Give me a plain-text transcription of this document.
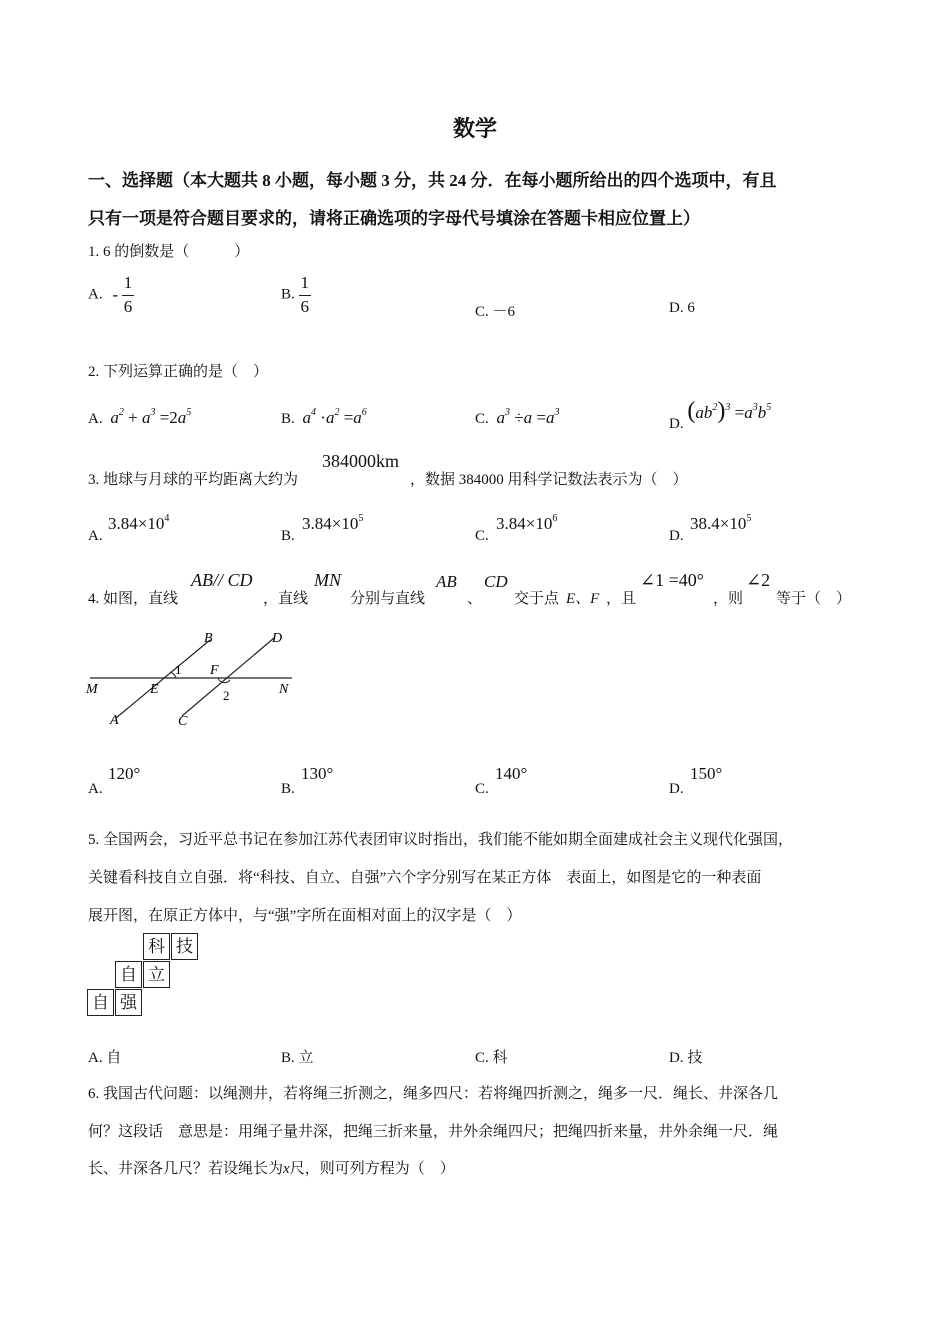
数学
一、选择题（本大题共 8 小题，每小题 3 分，共 24 分．在每小题所给出的四个选项中，有且
只有一项是符合题目要求的，请将正确选项的字母代号填涂在答题卡相应位置上）
1. 6 的倒数是（　　　）
A. - $\frac{1}{6}$	B. $\frac{1}{6}$	C. －6	D. 6
2. 下列运算正确的是（　）
A. $a^2 + a^3 =2a^5$	B. $a^4 \cdot a^2 =a^6$	C. $a^3 \div a =a^3$
D. $(ab^2)^3 =a^3b^5$
3. 地球与月球的平均距离大约为
384000km
，数据 384000 用科学记数法表示为（　）
A.
$3.84\times 10^4$
B.
$3.84\times 10^5$
C.
$3.84\times 10^6$
D.
$38.4\times 10^5$
4. 如图，直线
AB// CD
，直线
MN
分别与直线
AB
、
CD
交于点 E、F ，且
∠1 =40°
，则
∠2
等于（　）
B	D
1 F
M	E	2	N
A	C
A.
120°
B.
130°
C.
140°
D.
150°
5. 全国两会，习近平总书记在参加江苏代表团审议时指出，我们能不能如期全面建成社会主义现代化强国，
关键看科技自立自强．将“科技、自立、自强”六个字分别写在某正方体　表面上，如图是它的一种表面
展开图，在原正方体中，与“强”字所在面相对面上的汉字是（　）
科 技
自 立
自 强
A. 自	B. 立	C. 科	D. 技
6. 我国古代问题：以绳测井，若将绳三折测之，绳多四尺：若将绳四折测之，绳多一尺．绳长、井深各几
何？这段话　意思是：用绳子量井深，把绳三折来量，井外余绳四尺；把绳四折来量，井外余绳一尺．绳
长、井深各几尺？若设绳长为x尺，则可列方程为（　）
